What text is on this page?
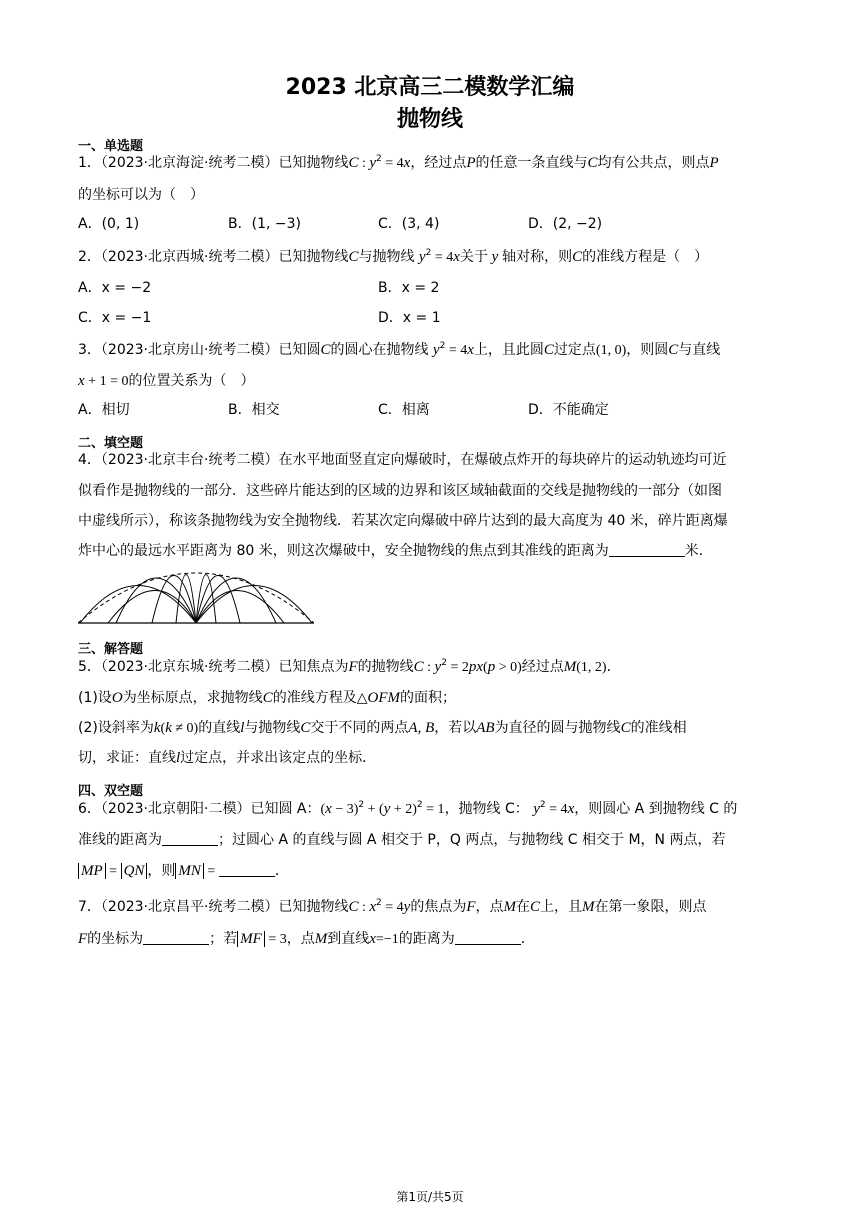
2023 北京高三二模数学汇编
抛物线
一、单选题
1．（2023·北京海淀·统考二模）已知抛物线C : $y^2 = 4x$，经过点P的任意一条直线与C均有公共点，则点P
的坐标可以为（　）
A．(0, 1)	B．(1, −3)	C．(3, 4)	D．(2, −2)
2．（2023·北京西城·统考二模）已知抛物线C与抛物线 $y^2 = 4x$关于 y 轴对称，则C的准线方程是（　）
A．x = −2	B．x = 2
C．x = −1	D．x = 1
3．（2023·北京房山·统考二模）已知圆C的圆心在抛物线 $y^2 = 4x$上，且此圆C过定点(1, 0)，则圆C与直线
x + 1 = 0的位置关系为（　）
A．相切	B．相交	C．相离	D．不能确定
二、填空题
4．（2023·北京丰台·统考二模）在水平地面竖直定向爆破时，在爆破点炸开的每块碎片的运动轨迹均可近
似看作是抛物线的一部分．这些碎片能达到的区域的边界和该区域轴截面的交线是抛物线的一部分（如图
中虚线所示），称该条抛物线为安全抛物线．若某次定向爆破中碎片达到的最大高度为 40 米，碎片距离爆
炸中心的最远水平距离为 80 米，则这次爆破中，安全抛物线的焦点到其准线的距离为	米．
三、解答题
5．（2023·北京东城·统考二模）已知焦点为F的抛物线C : $y^2 = 2px(p > 0)$经过点M(1, 2)．
(1)设O为坐标原点，求抛物线C的准线方程及△OFM的面积；
(2)设斜率为k(k ≠ 0)的直线l与抛物线C交于不同的两点A, B，若以AB为直径的圆与抛物线C的准线相
切，求证：直线l过定点，并求出该定点的坐标．
四、双空题
6．（2023·北京朝阳·二模）已知圆 A：$(x - 3)^2 + (y + 2)^2 = 1$，抛物线 C： $y^2 = 4x$，则圆心 A 到抛物线 C 的
准线的距离为	；过圆心 A 的直线与圆 A 相交于 P，Q 两点，与抛物线 C 相交于 M，N 两点，若
MP = QN ，则 MN =	．
7．（2023·北京昌平·统考二模）已知抛物线C : $x^2 = 4y$的焦点为F，点M在C上，且M在第一象限，则点
F的坐标为	；若 MF = 3，点M到直线x=−1的距离为	．
第1页/共5页
